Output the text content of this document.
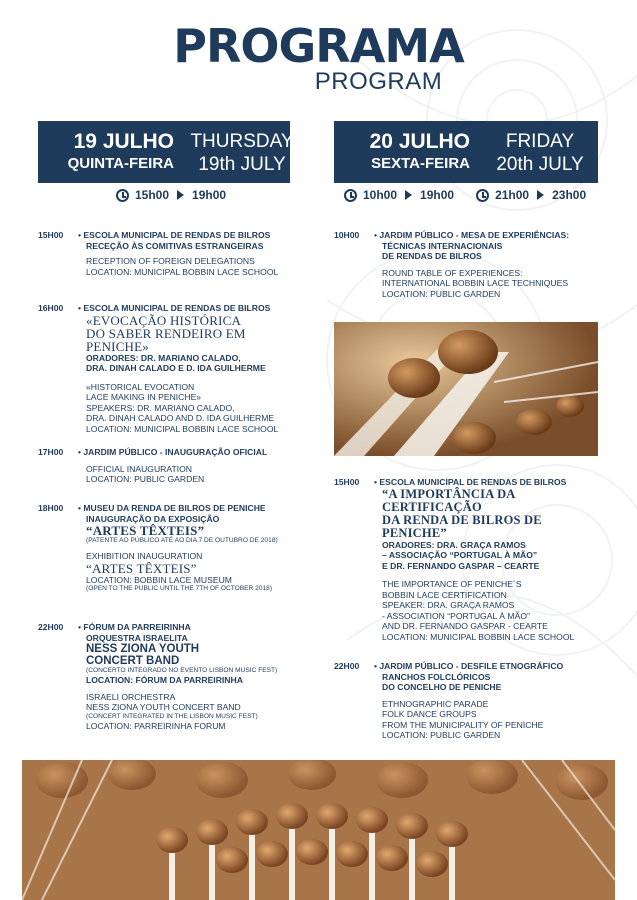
PROGRAMA
PROGRAM
19 JULHO
QUINTA-FEIRA
THURSDAY
19th JULY
20 JULHO
SEXTA-FEIRA
FRIDAY
20th JULY
15h00 19h00	10h00 19h00	21h00 23h00
15H00	• ESCOLA MUNICIPAL DE RENDAS DE BILROS
RECEÇÃO ÀS COMITIVAS ESTRANGEIRAS
RECEPTION OF FOREIGN DELEGATIONS
LOCATION: MUNICIPAL BOBBIN LACE SCHOOL
16H00	• ESCOLA MUNICIPAL DE RENDAS DE BILROS
«EVOCAÇÃO HISTÓRICA
DO SABER RENDEIRO EM PENICHE»
ORADORES: DR. MARIANO CALADO,
DRA. DINAH CALADO E D. IDA GUILHERME
«HISTORICAL EVOCATION
LACE MAKING IN PENICHE»
SPEAKERS: DR. MARIANO CALADO,
DRA. DINAH CALADO AND D. IDA GUILHERME
LOCATION: MUNICIPAL BOBBIN LACE SCHOOL
17H00	• JARDIM PÚBLICO - INAUGURAÇÃO OFICIAL
OFFICIAL INAUGURATION
LOCATION: PUBLIC GARDEN
18H00	• MUSEU DA RENDA DE BILROS DE PENICHE
INAUGURAÇÃO DA EXPOSIÇÃO
“ARTES TÊXTEIS”
(PATENTE AO PÚBLICO ATÉ AO DIA 7 DE OUTUBRO DE 2018)
EXHIBITION INAUGURATION
“ARTES TÊXTEIS”
LOCATION: BOBBIN LACE MUSEUM
(OPEN TO THE PUBLIC UNTIL THE 7TH OF OCTOBER 2018)
22H00	• FÓRUM DA PARREIRINHA
ORQUESTRA ISRAELITA
NESS ZIONA YOUTH
CONCERT BAND
(CONCERTO INTEGRADO NO EVENTO LISBON MUSIC FEST)
LOCATION: FÓRUM DA PARREIRINHA
ISRAELI ORCHESTRA
NESS ZIONA YOUTH CONCERT BAND
(CONCERT INTEGRATED IN THE LISBON MUSIC FEST)
LOCATION: PARREIRINHA FORUM
10H00	• JARDIM PÚBLICO - MESA DE EXPERIÊNCIAS:
TÉCNICAS INTERNACIONAIS
DE RENDAS DE BILROS
ROUND TABLE OF EXPERIENCES:
INTERNATIONAL BOBBIN LACE TECHNIQUES
LOCATION: PUBLIC GARDEN
15H00	• ESCOLA MUNICIPAL DE RENDAS DE BILROS
“A IMPORTÂNCIA DA CERTIFICAÇÃO
DA RENDA DE BILROS DE PENICHE”
ORADORES: DRA. GRAÇA RAMOS
– ASSOCIAÇÃO “PORTUGAL À MÃO”
E DR. FERNANDO GASPAR – CEARTE
THE IMPORTANCE OF PENICHE´S
BOBBIN LACE CERTIFICATION
SPEAKER: DRA. GRAÇA RAMOS
- ASSOCIATION “PORTUGAL À MÃO”
AND DR. FERNANDO GASPAR - CEARTE
LOCATION: MUNICIPAL BOBBIN LACE SCHOOL
22H00	• JARDIM PÚBLICO - DESFILE ETNOGRÁFICO
RANCHOS FOLCLÓRICOS
DO CONCELHO DE PENICHE
ETHNOGRAPHIC PARADE
FOLK DANCE GROUPS
FROM THE MUNICIPALITY OF PENICHE
LOCATION: PUBLIC GARDEN
